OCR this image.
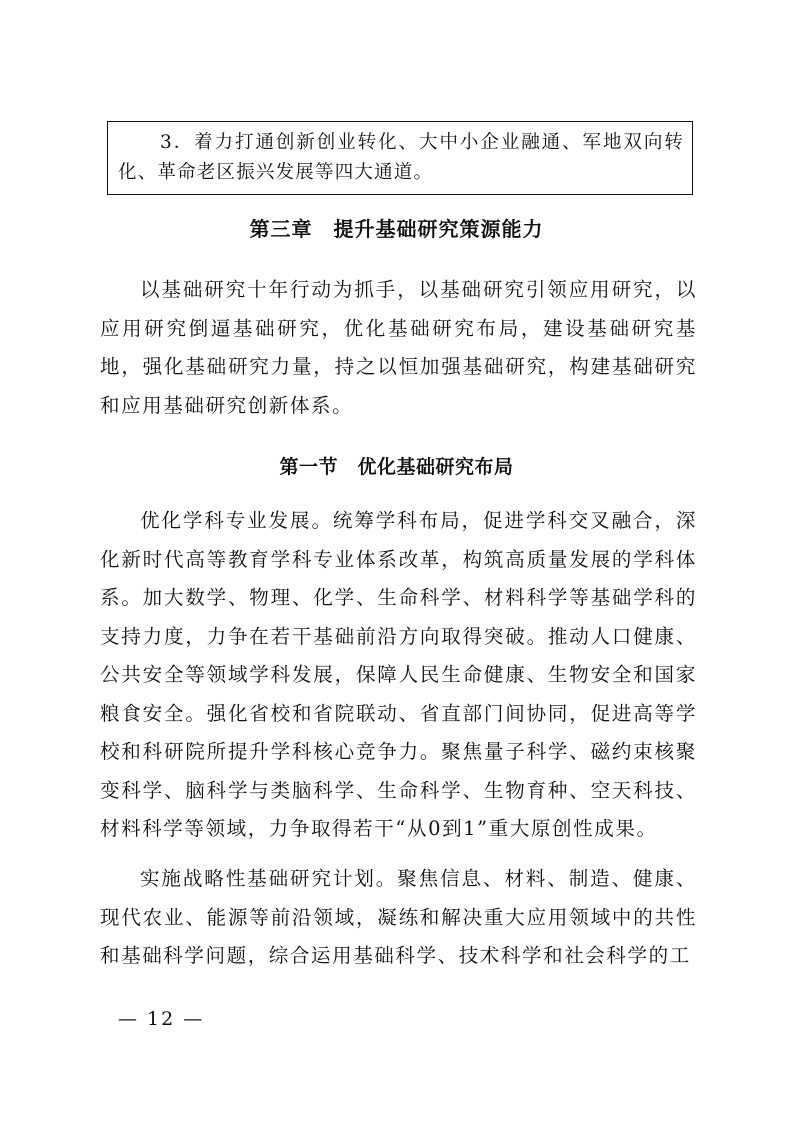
3．着力打通创新创业转化、大中小企业融通、军地双向转化、革命老区振兴发展等四大通道。
第三章　提升基础研究策源能力
以基础研究十年行动为抓手，以基础研究引领应用研究，以应用研究倒逼基础研究，优化基础研究布局，建设基础研究基地，强化基础研究力量，持之以恒加强基础研究，构建基础研究和应用基础研究创新体系。
第一节　优化基础研究布局
优化学科专业发展。统筹学科布局，促进学科交叉融合，深化新时代高等教育学科专业体系改革，构筑高质量发展的学科体系。加大数学、物理、化学、生命科学、材料科学等基础学科的支持力度，力争在若干基础前沿方向取得突破。推动人口健康、公共安全等领域学科发展，保障人民生命健康、生物安全和国家粮食安全。强化省校和省院联动、省直部门间协同，促进高等学校和科研院所提升学科核心竞争力。聚焦量子科学、磁约束核聚变科学、脑科学与类脑科学、生命科学、生物育种、空天科技、材料科学等领域，力争取得若干“从0到1”重大原创性成果。
实施战略性基础研究计划。聚焦信息、材料、制造、健康、现代农业、能源等前沿领域，凝练和解决重大应用领域中的共性和基础科学问题，综合运用基础科学、技术科学和社会科学的工
— 12 —
